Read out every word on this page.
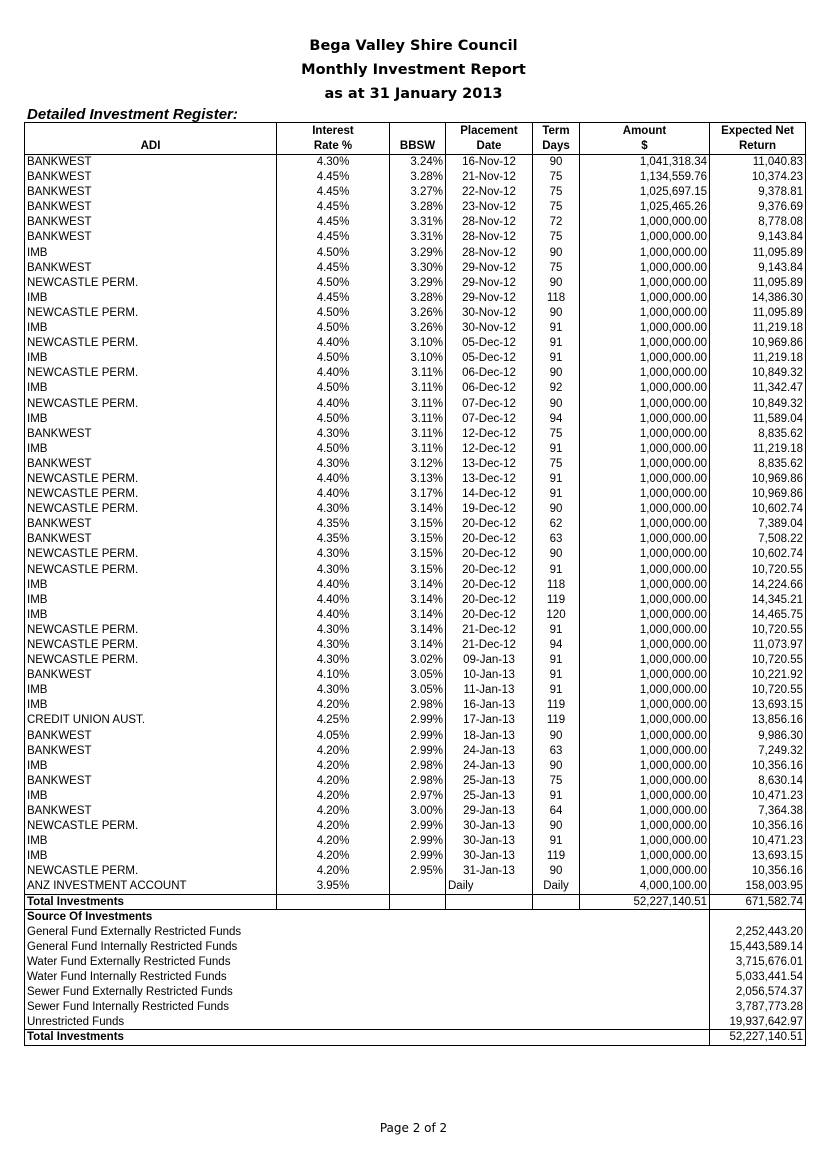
Bega Valley Shire Council
Monthly Investment Report
as at 31 January 2013
Detailed Investment Register:
	Interest		Placement	Term	Amount	Expected Net
ADI	Rate %	BBSW	Date	Days	$	Return
BANKWEST	4.30%	3.24%	16-Nov-12	90	1,041,318.34	11,040.83
BANKWEST	4.45%	3.28%	21-Nov-12	75	1,134,559.76	10,374.23
BANKWEST	4.45%	3.27%	22-Nov-12	75	1,025,697.15	9,378.81
BANKWEST	4.45%	3.28%	23-Nov-12	75	1,025,465.26	9,376.69
BANKWEST	4.45%	3.31%	28-Nov-12	72	1,000,000.00	8,778.08
BANKWEST	4.45%	3.31%	28-Nov-12	75	1,000,000.00	9,143.84
IMB	4.50%	3.29%	28-Nov-12	90	1,000,000.00	11,095.89
BANKWEST	4.45%	3.30%	29-Nov-12	75	1,000,000.00	9,143.84
NEWCASTLE PERM.	4.50%	3.29%	29-Nov-12	90	1,000,000.00	11,095.89
IMB	4.45%	3.28%	29-Nov-12	118	1,000,000.00	14,386.30
NEWCASTLE PERM.	4.50%	3.26%	30-Nov-12	90	1,000,000.00	11,095.89
IMB	4.50%	3.26%	30-Nov-12	91	1,000,000.00	11,219.18
NEWCASTLE PERM.	4.40%	3.10%	05-Dec-12	91	1,000,000.00	10,969.86
IMB	4.50%	3.10%	05-Dec-12	91	1,000,000.00	11,219.18
NEWCASTLE PERM.	4.40%	3.11%	06-Dec-12	90	1,000,000.00	10,849.32
IMB	4.50%	3.11%	06-Dec-12	92	1,000,000.00	11,342.47
NEWCASTLE PERM.	4.40%	3.11%	07-Dec-12	90	1,000,000.00	10,849.32
IMB	4.50%	3.11%	07-Dec-12	94	1,000,000.00	11,589.04
BANKWEST	4.30%	3.11%	12-Dec-12	75	1,000,000.00	8,835.62
IMB	4.50%	3.11%	12-Dec-12	91	1,000,000.00	11,219.18
BANKWEST	4.30%	3.12%	13-Dec-12	75	1,000,000.00	8,835.62
NEWCASTLE PERM.	4.40%	3.13%	13-Dec-12	91	1,000,000.00	10,969.86
NEWCASTLE PERM.	4.40%	3.17%	14-Dec-12	91	1,000,000.00	10,969.86
NEWCASTLE PERM.	4.30%	3.14%	19-Dec-12	90	1,000,000.00	10,602.74
BANKWEST	4.35%	3.15%	20-Dec-12	62	1,000,000.00	7,389.04
BANKWEST	4.35%	3.15%	20-Dec-12	63	1,000,000.00	7,508.22
NEWCASTLE PERM.	4.30%	3.15%	20-Dec-12	90	1,000,000.00	10,602.74
NEWCASTLE PERM.	4.30%	3.15%	20-Dec-12	91	1,000,000.00	10,720.55
IMB	4.40%	3.14%	20-Dec-12	118	1,000,000.00	14,224.66
IMB	4.40%	3.14%	20-Dec-12	119	1,000,000.00	14,345.21
IMB	4.40%	3.14%	20-Dec-12	120	1,000,000.00	14,465.75
NEWCASTLE PERM.	4.30%	3.14%	21-Dec-12	91	1,000,000.00	10,720.55
NEWCASTLE PERM.	4.30%	3.14%	21-Dec-12	94	1,000,000.00	11,073.97
NEWCASTLE PERM.	4.30%	3.02%	09-Jan-13	91	1,000,000.00	10,720.55
BANKWEST	4.10%	3.05%	10-Jan-13	91	1,000,000.00	10,221.92
IMB	4.30%	3.05%	11-Jan-13	91	1,000,000.00	10,720.55
IMB	4.20%	2.98%	16-Jan-13	119	1,000,000.00	13,693.15
CREDIT UNION AUST.	4.25%	2.99%	17-Jan-13	119	1,000,000.00	13,856.16
BANKWEST	4.05%	2.99%	18-Jan-13	90	1,000,000.00	9,986.30
BANKWEST	4.20%	2.99%	24-Jan-13	63	1,000,000.00	7,249.32
IMB	4.20%	2.98%	24-Jan-13	90	1,000,000.00	10,356.16
BANKWEST	4.20%	2.98%	25-Jan-13	75	1,000,000.00	8,630.14
IMB	4.20%	2.97%	25-Jan-13	91	1,000,000.00	10,471.23
BANKWEST	4.20%	3.00%	29-Jan-13	64	1,000,000.00	7,364.38
NEWCASTLE PERM.	4.20%	2.99%	30-Jan-13	90	1,000,000.00	10,356.16
IMB	4.20%	2.99%	30-Jan-13	91	1,000,000.00	10,471.23
IMB	4.20%	2.99%	30-Jan-13	119	1,000,000.00	13,693.15
NEWCASTLE PERM.	4.20%	2.95%	31-Jan-13	90	1,000,000.00	10,356.16
ANZ INVESTMENT ACCOUNT	3.95%		Daily	Daily	4,000,100.00	158,003.95
Total Investments					52,227,140.51	671,582.74
Source Of Investments						
General Fund Externally Restricted Funds						2,252,443.20
General Fund Internally Restricted Funds						15,443,589.14
Water Fund Externally Restricted Funds						3,715,676.01
Water Fund Internally Restricted Funds						5,033,441.54
Sewer Fund Externally Restricted Funds						2,056,574.37
Sewer Fund Internally Restricted Funds						3,787,773.28
Unrestricted Funds						19,937,642.97
Total Investments						52,227,140.51
Page 2 of 2
